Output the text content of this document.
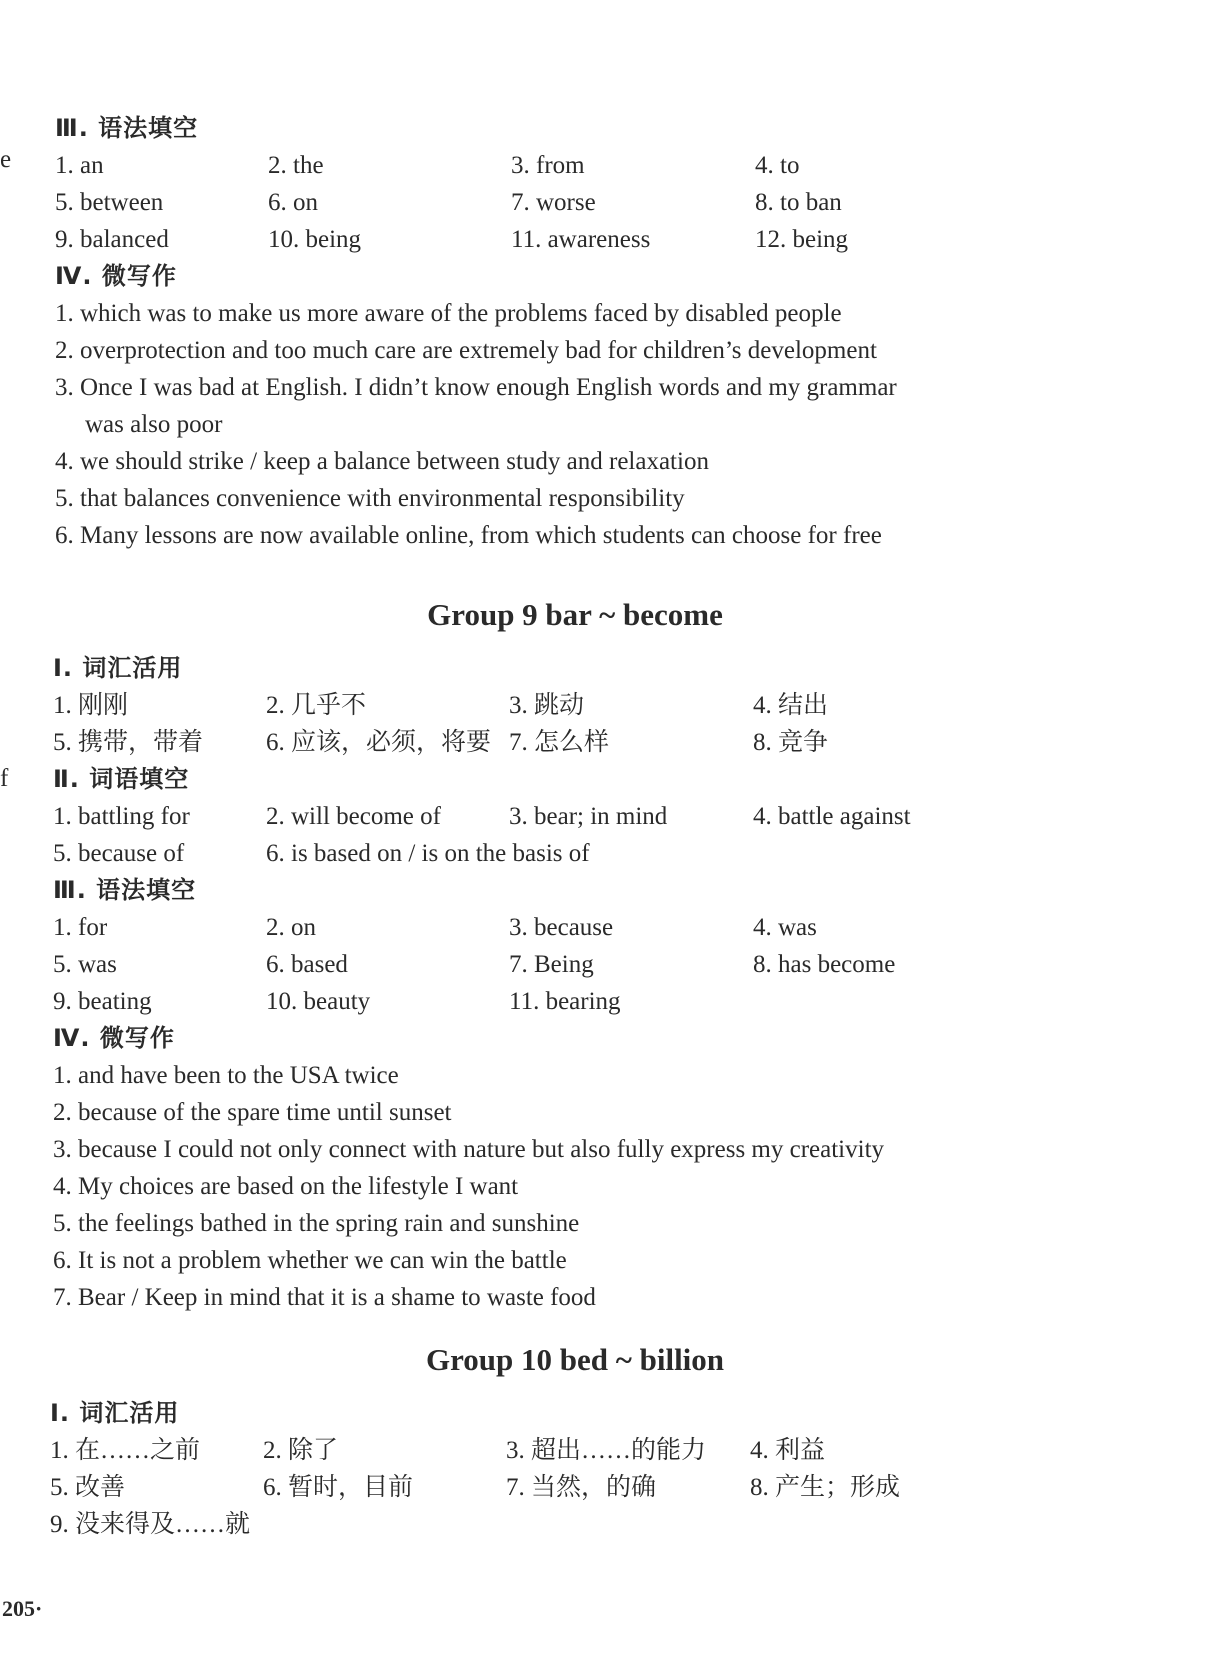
e
f
Ⅲ. 语法填空
1. an	2. the	3. from	4. to
5. between	6. on	7. worse	8. to ban
9. balanced	10. being	11. awareness	12. being
Ⅳ. 微写作
1. which was to make us more aware of the problems faced by disabled people
2. overprotection and too much care are extremely bad for children’s development
3. Once I was bad at English. I didn’t know enough English words and my grammar
was also poor
4. we should strike / keep a balance between study and relaxation
5. that balances convenience with environmental responsibility
6. Many lessons are now available online, from which students can choose for free
Group 9 bar ~ become
Ⅰ. 词汇活用
1. 刚刚	2. 几乎不	3. 跳动	4. 结出
5. 携带，带着	6. 应该，必须，将要 7. 怎么样	8. 竞争
Ⅱ. 词语填空
1. battling for	2. will become of	3. bear; in mind	4. battle against
5. because of	6. is based on / is on the basis of
Ⅲ. 语法填空
1. for	2. on	3. because	4. was
5. was	6. based	7. Being	8. has become
9. beating	10. beauty	11. bearing
Ⅳ. 微写作
1. and have been to the USA twice
2. because of the spare time until sunset
3. because I could not only connect with nature but also fully express my creativity
4. My choices are based on the lifestyle I want
5. the feelings bathed in the spring rain and sunshine
6. It is not a problem whether we can win the battle
7. Bear / Keep in mind that it is a shame to waste food
Group 10 bed ~ billion
Ⅰ. 词汇活用
1. 在……之前	2. 除了	3. 超出……的能力 4. 利益
5. 改善	6. 暂时，目前	7. 当然，的确	8. 产生；形成
9. 没来得及……就
205·
